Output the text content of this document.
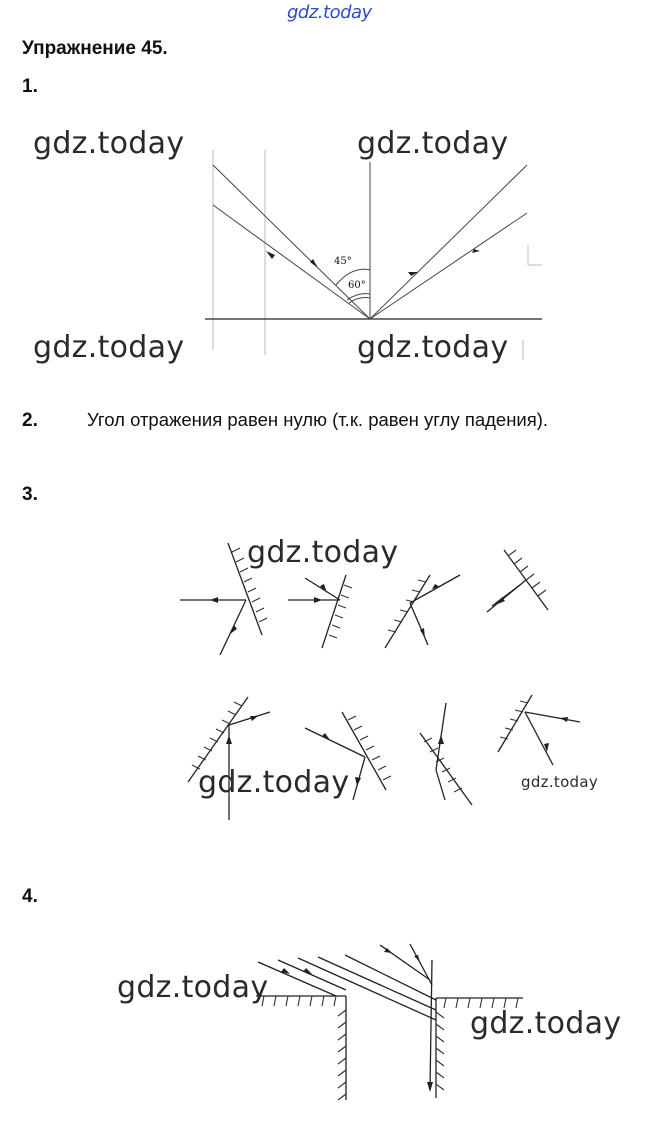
gdz.today
Упражнение 45.
1.
45°
60°
gdz.today	gdz.today
gdz.today	gdz.today
2.	Угол отражения равен нулю (т.к. равен углу падения).
3.
gdz.today
gdz.today	gdz.today
4.
gdz.today
gdz.today
